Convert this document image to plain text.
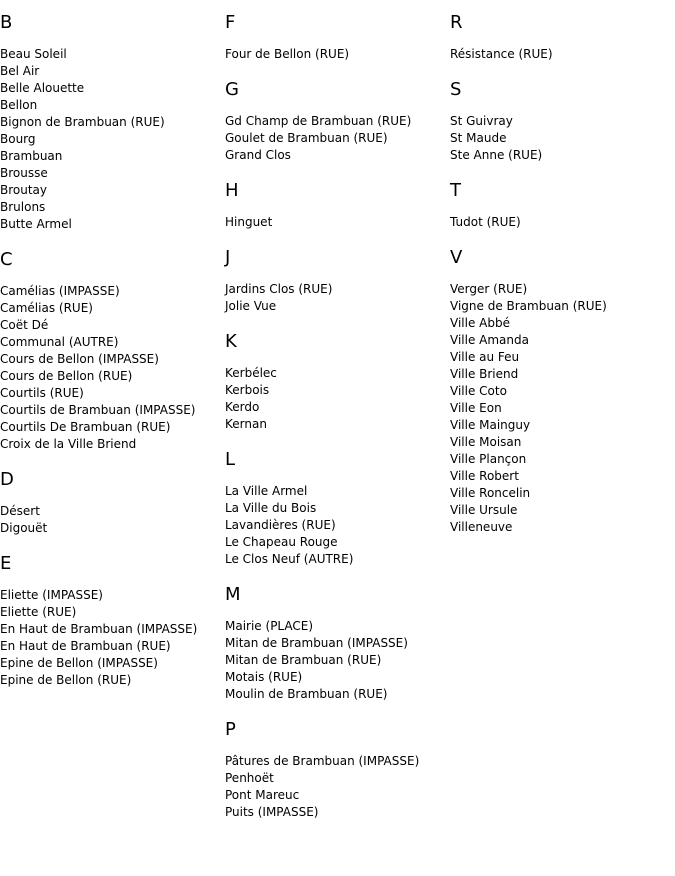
B
Beau Soleil
Bel Air
Belle Alouette
Bellon
Bignon de Brambuan (RUE)
Bourg
Brambuan
Brousse
Broutay
Brulons
Butte Armel
C
Camélias (IMPASSE)
Camélias (RUE)
Coët Dé
Communal (AUTRE)
Cours de Bellon (IMPASSE)
Cours de Bellon (RUE)
Courtils (RUE)
Courtils de Brambuan (IMPASSE)
Courtils De Brambuan (RUE)
Croix de la Ville Briend
D
Désert
Digouët
E
Eliette (IMPASSE)
Eliette (RUE)
En Haut de Brambuan (IMPASSE)
En Haut de Brambuan (RUE)
Epine de Bellon (IMPASSE)
Epine de Bellon (RUE)
F
Four de Bellon (RUE)
G
Gd Champ de Brambuan (RUE)
Goulet de Brambuan (RUE)
Grand Clos
H
Hinguet
J
Jardins Clos (RUE)
Jolie Vue
K
Kerbélec
Kerbois
Kerdo
Kernan
L
La Ville Armel
La Ville du Bois
Lavandières (RUE)
Le Chapeau Rouge
Le Clos Neuf (AUTRE)
M
Mairie (PLACE)
Mitan de Brambuan (IMPASSE)
Mitan de Brambuan (RUE)
Motais (RUE)
Moulin de Brambuan (RUE)
P
Pâtures de Brambuan (IMPASSE)
Penhoët
Pont Mareuc
Puits (IMPASSE)
R
Résistance (RUE)
S
St Guivray
St Maude
Ste Anne (RUE)
T
Tudot (RUE)
V
Verger (RUE)
Vigne de Brambuan (RUE)
Ville Abbé
Ville Amanda
Ville au Feu
Ville Briend
Ville Coto
Ville Eon
Ville Mainguy
Ville Moisan
Ville Plançon
Ville Robert
Ville Roncelin
Ville Ursule
Villeneuve
